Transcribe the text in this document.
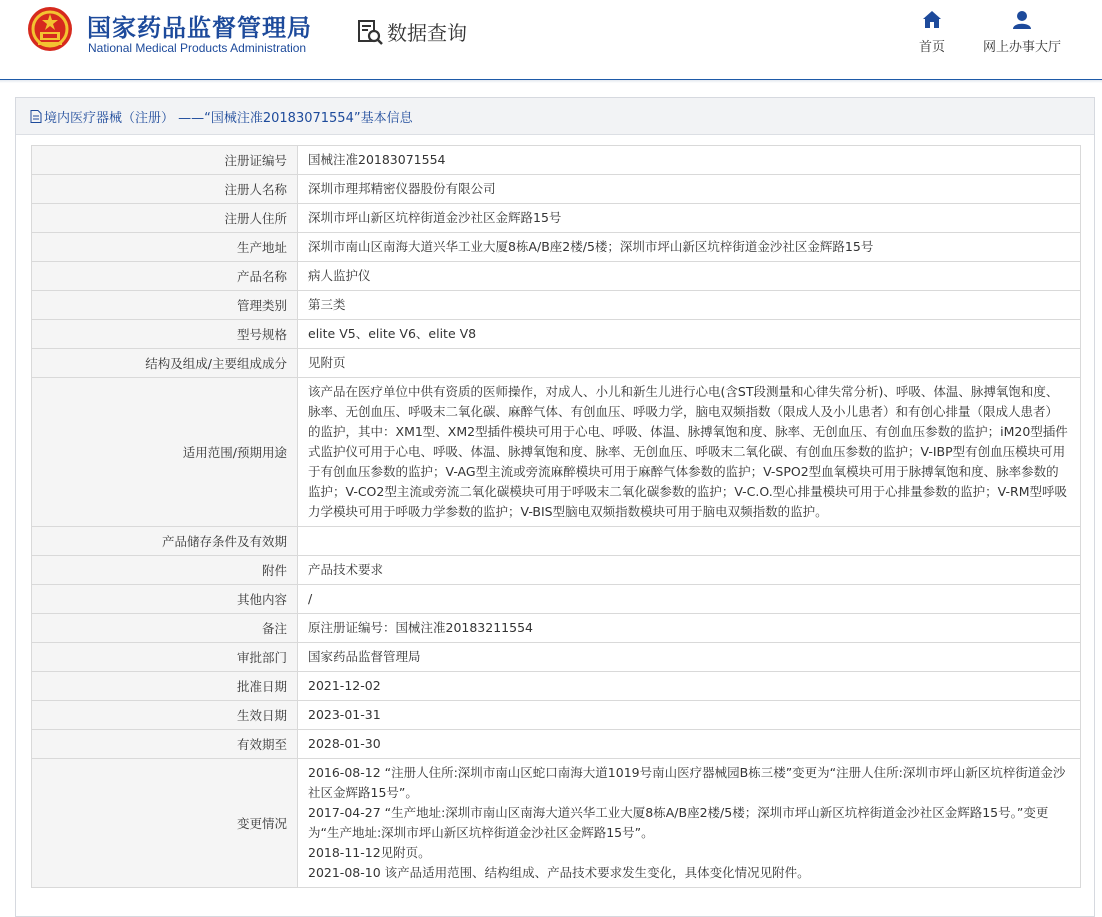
国家药品监督管理局
National Medical Products Administration
数据查询
首页	网上办事大厅
境内医疗器械（注册） ——“国械注准20183071554”基本信息
注册证编号	国械注准20183071554
注册人名称	深圳市理邦精密仪器股份有限公司
注册人住所	深圳市坪山新区坑梓街道金沙社区金辉路15号
生产地址	深圳市南山区南海大道兴华工业大厦8栋A/B座2楼/5楼；深圳市坪山新区坑梓街道金沙社区金辉路15号
产品名称	病人监护仪
管理类别	第三类
型号规格	elite V5、elite V6、elite V8
结构及组成/主要组成成分	见附页
适用范围/预期用途	该产品在医疗单位中供有资质的医师操作，对成人、小儿和新生儿进行心电(含ST段测量和心律失常分析)、呼吸、体温、脉搏氧饱和度、脉率、无创血压、呼吸末二氧化碳、麻醉气体、有创血压、呼吸力学，脑电双频指数（限成人及小儿患者）和有创心排量（限成人患者）的监护，其中：XM1型、XM2型插件模块可用于心电、呼吸、体温、脉搏氧饱和度、脉率、无创血压、有创血压参数的监护；iM20型插件式监护仪可用于心电、呼吸、体温、脉搏氧饱和度、脉率、无创血压、呼吸末二氧化碳、有创血压参数的监护；V-IBP型有创血压模块可用于有创血压参数的监护；V-AG型主流或旁流麻醉模块可用于麻醉气体参数的监护；V-SPO2型血氧模块可用于脉搏氧饱和度、脉率参数的监护；V-CO2型主流或旁流二氧化碳模块可用于呼吸末二氧化碳参数的监护；V-C.O.型心排量模块可用于心排量参数的监护；V-RM型呼吸力学模块可用于呼吸力学参数的监护；V-BIS型脑电双频指数模块可用于脑电双频指数的监护。
产品储存条件及有效期	
附件	产品技术要求
其他内容	/
备注	原注册证编号：国械注准20183211554
审批部门	国家药品监督管理局
批准日期	2021-12-02
生效日期	2023-01-31
有效期至	2028-01-30
变更情况	2016-08-12 “注册人住所:深圳市南山区蛇口南海大道1019号南山医疗器械园B栋三楼”变更为“注册人住所:深圳市坪山新区坑梓街道金沙社区金辉路15号”。
2017-04-27 “生产地址:深圳市南山区南海大道兴华工业大厦8栋A/B座2楼/5楼；深圳市坪山新区坑梓街道金沙社区金辉路15号。”变更为“生产地址:深圳市坪山新区坑梓街道金沙社区金辉路15号”。
2018-11-12见附页。
2021-08-10 该产品适用范围、结构组成、产品技术要求发生变化，具体变化情况见附件。
